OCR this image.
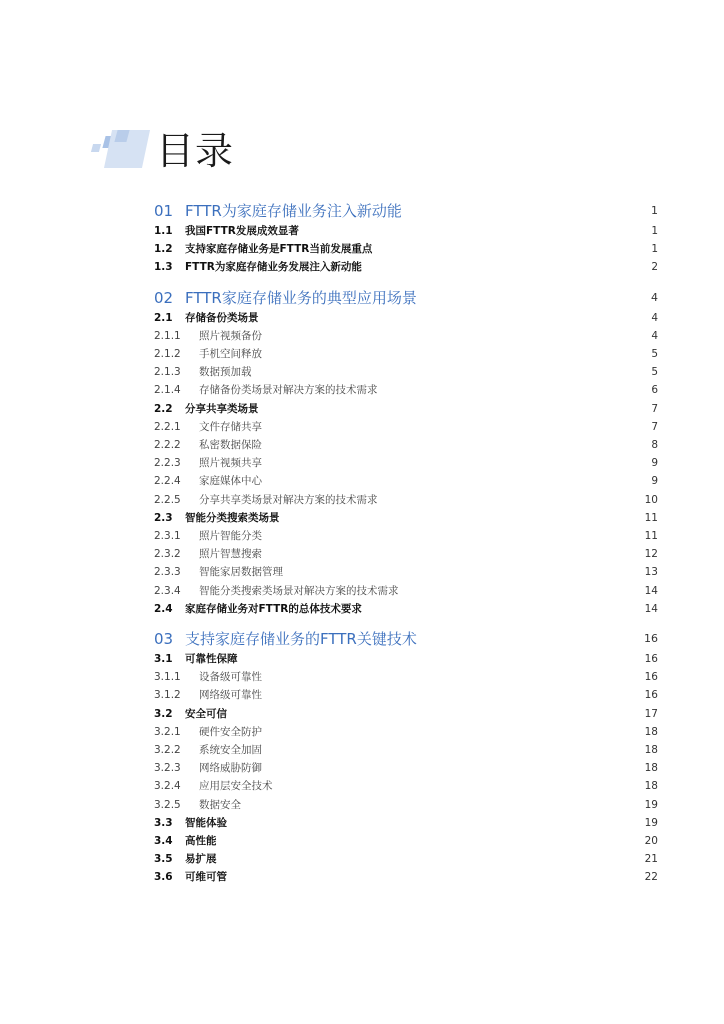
目录
01 FTTR为家庭存储业务注入新动能	1
1.1 我国FTTR发展成效显著	1
1.2 支持家庭存储业务是FTTR当前发展重点	1
1.3 FTTR为家庭存储业务发展注入新动能	2
02 FTTR家庭存储业务的典型应用场景	4
2.1 存储备份类场景	4
2.1.1 照片视频备份	4
2.1.2 手机空间释放	5
2.1.3 数据预加载	5
2.1.4 存储备份类场景对解决方案的技术需求	6
2.2 分享共享类场景	7
2.2.1 文件存储共享	7
2.2.2 私密数据保险	8
2.2.3 照片视频共享	9
2.2.4 家庭媒体中心	9
2.2.5 分享共享类场景对解决方案的技术需求	10
2.3 智能分类搜索类场景	11
2.3.1 照片智能分类	11
2.3.2 照片智慧搜索	12
2.3.3 智能家居数据管理	13
2.3.4 智能分类搜索类场景对解决方案的技术需求	14
2.4 家庭存储业务对FTTR的总体技术要求	14
03 支持家庭存储业务的FTTR关键技术	16
3.1 可靠性保障	16
3.1.1 设备级可靠性	16
3.1.2 网络级可靠性	16
3.2 安全可信	17
3.2.1 硬件安全防护	18
3.2.2 系统安全加固	18
3.2.3 网络威胁防御	18
3.2.4 应用层安全技术	18
3.2.5 数据安全	19
3.3 智能体验	19
3.4 高性能	20
3.5 易扩展	21
3.6 可维可管	22
